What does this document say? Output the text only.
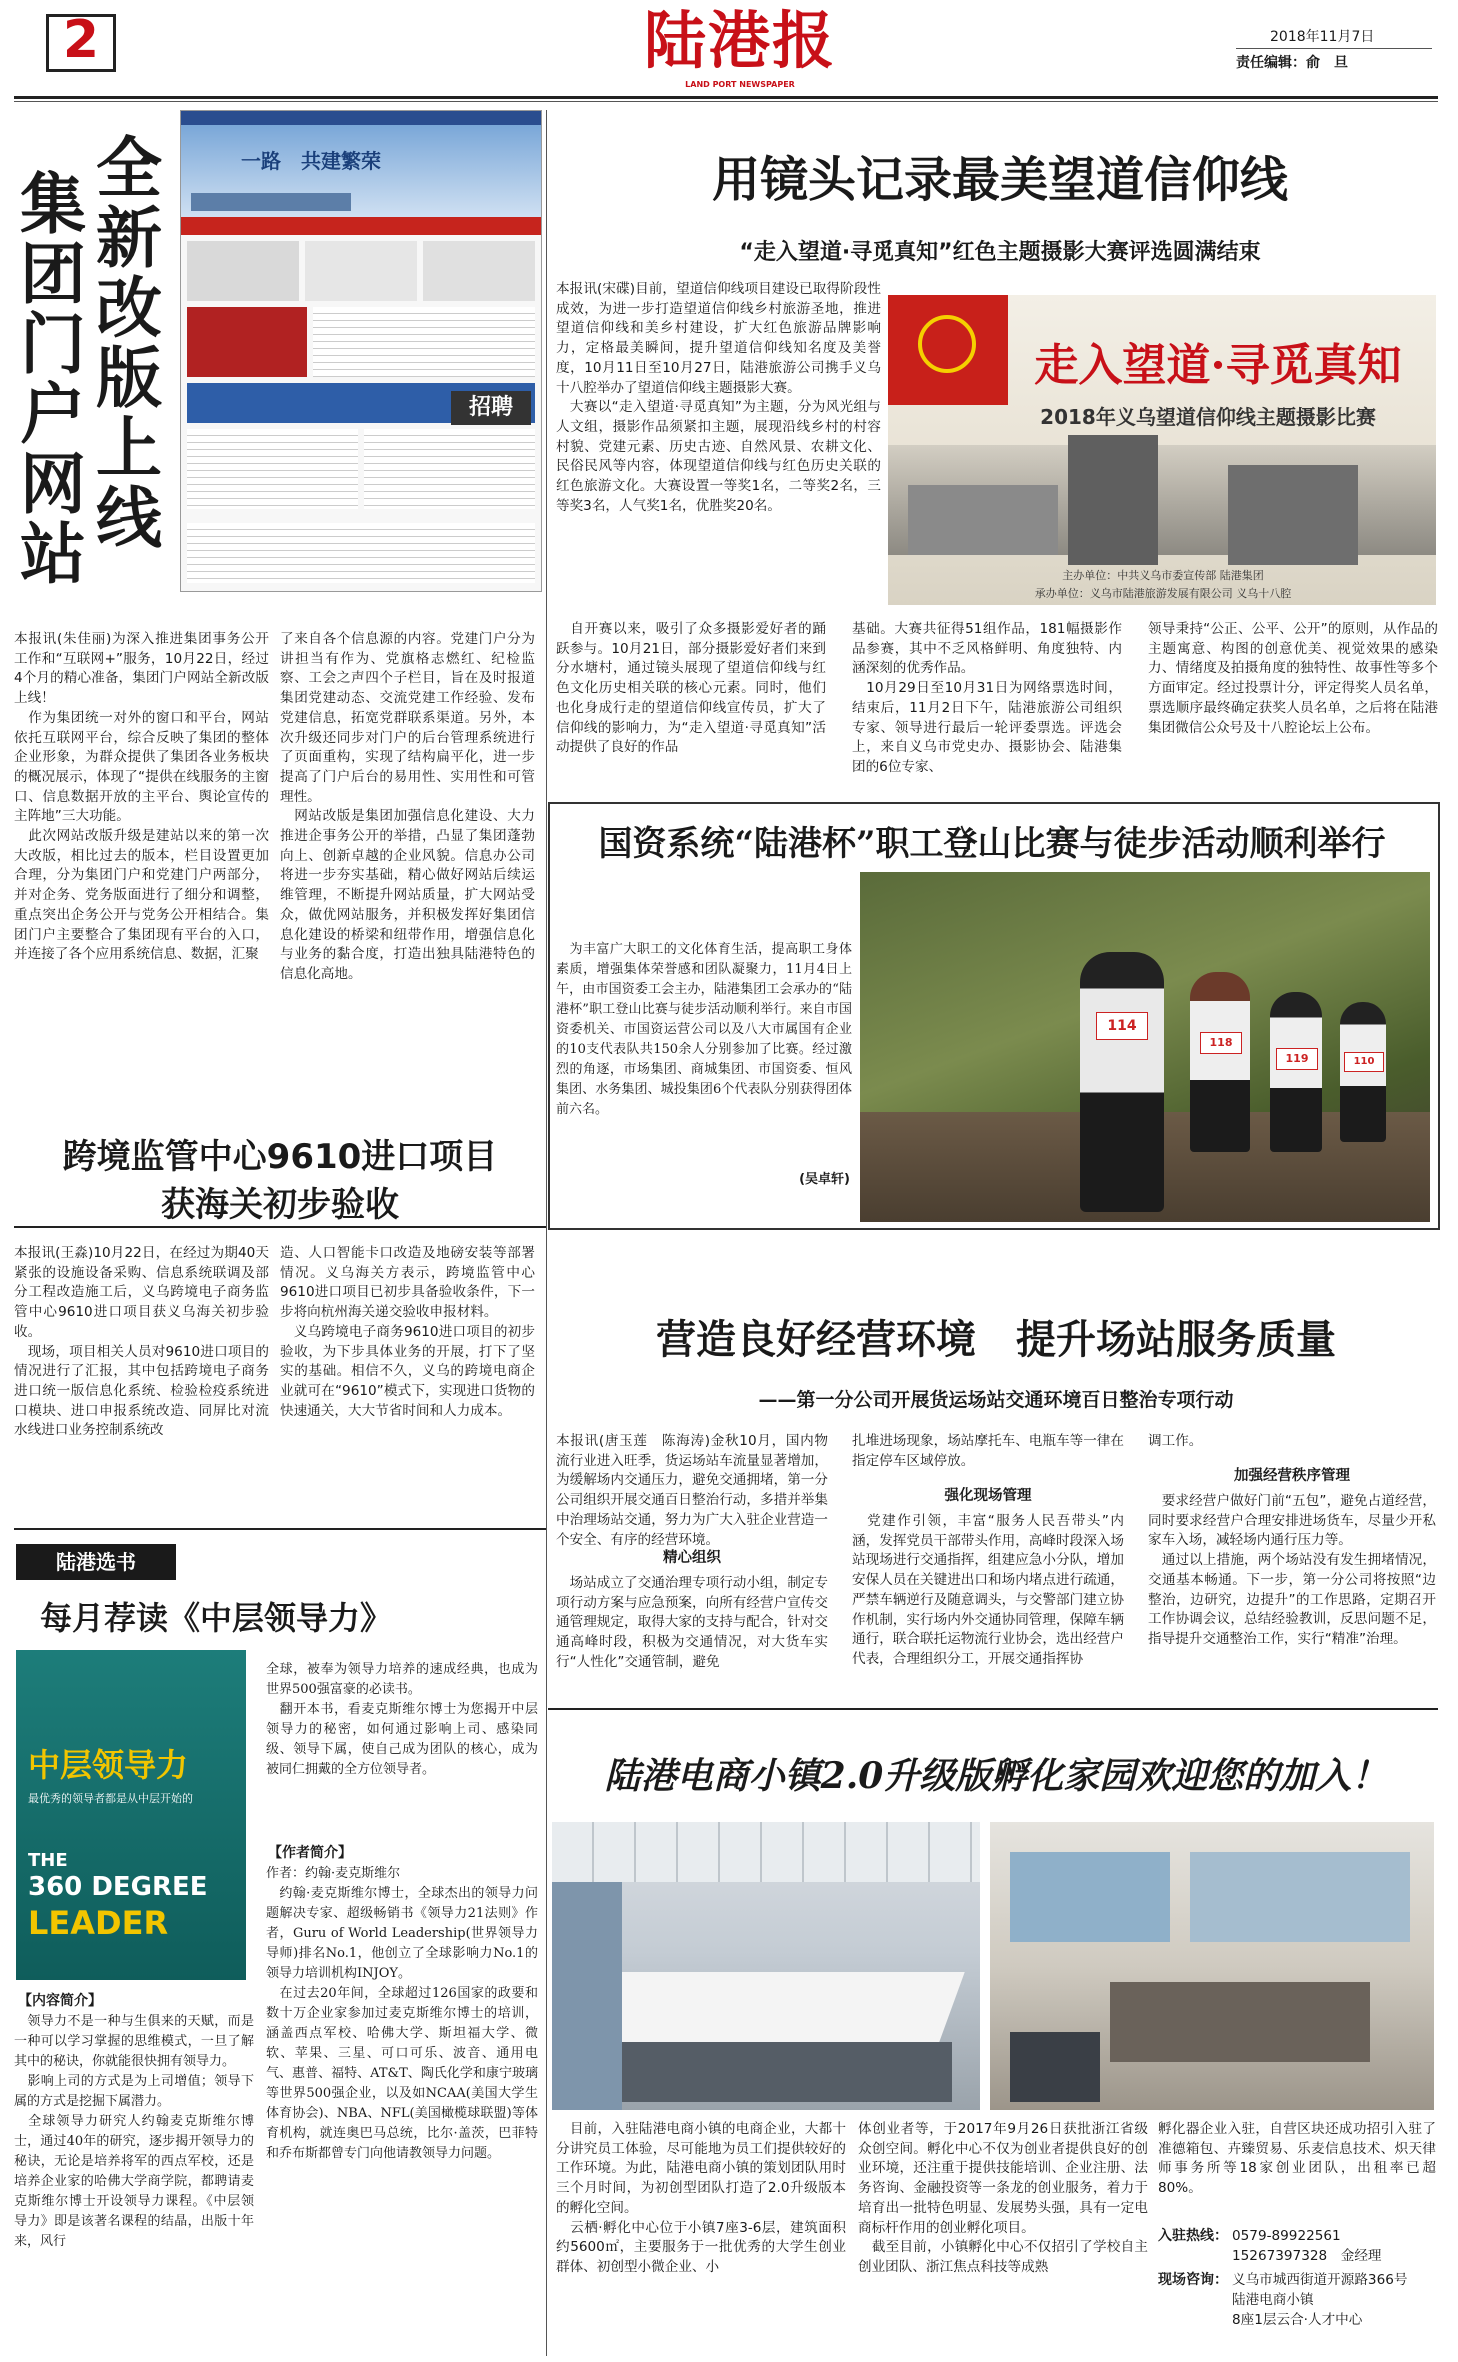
2	陆港报
LAND PORT NEWSPAPER
2018年11月7日
责任编辑：俞　旦
全新改版上线
集团门户网站
一路　共建繁荣
招聘
本报讯(朱佳丽)为深入推进集团事务公开工作和“互联网+”服务，10月22日，经过4个月的精心准备，集团门户网站全新改版上线！
　作为集团统一对外的窗口和平台，网站依托互联网平台，综合反映了集团的整体企业形象，为群众提供了集团各业务板块的概况展示，体现了“提供在线服务的主窗口、信息数据开放的主平台、舆论宣传的主阵地”三大功能。
　此次网站改版升级是建站以来的第一次大改版，相比过去的版本，栏目设置更加合理，分为集团门户和党建门户两部分，并对企务、党务版面进行了细分和调整，重点突出企务公开与党务公开相结合。集团门户主要整合了集团现有平台的入口，并连接了各个应用系统信息、数据，汇聚
了来自各个信息源的内容。党建门户分为讲担当有作为、党旗格志燃红、纪检监察、工会之声四个子栏目，旨在及时报道集团党建动态、交流党建工作经验、发布党建信息，拓宽党群联系渠道。另外，本次升级还同步对门户的后台管理系统进行了页面重构，实现了结构扁平化，进一步提高了门户后台的易用性、实用性和可管理性。
　网站改版是集团加强信息化建设、大力推进企事务公开的举措，凸显了集团蓬勃向上、创新卓越的企业风貌。信息办公司将进一步夯实基础，精心做好网站后续运维管理，不断提升网站质量，扩大网站受众，做优网站服务，并积极发挥好集团信息化建设的桥梁和纽带作用，增强信息化与业务的黏合度，打造出独具陆港特色的信息化高地。
用镜头记录最美望道信仰线
“走入望道·寻觅真知”红色主题摄影大赛评选圆满结束
本报讯(宋碟)目前，望道信仰线项目建设已取得阶段性成效，为进一步打造望道信仰线乡村旅游圣地，推进望道信仰线和美乡村建设，扩大红色旅游品牌影响力，定格最美瞬间，提升望道信仰线知名度及美誉度，10月11日至10月27日，陆港旅游公司携手义乌十八腔举办了望道信仰线主题摄影大赛。
　大赛以“走入望道·寻觅真知”为主题，分为风光组与人文组，摄影作品须紧扣主题，展现沿线乡村的村容村貌、党建元素、历史古迹、自然风景、农耕文化、民俗民风等内容，体现望道信仰线与红色历史关联的红色旅游文化。大赛设置一等奖1名，二等奖2名，三等奖3名，人气奖1名，优胜奖20名。
走入望道·寻觅真知
2018年义乌望道信仰线主题摄影比赛
主办单位：中共义乌市委宣传部 陆港集团
承办单位：义乌市陆港旅游发展有限公司 义乌十八腔
　自开赛以来，吸引了众多摄影爱好者的踊跃参与。10月21日，部分摄影爱好者们来到分水塘村，通过镜头展现了望道信仰线与红色文化历史相关联的核心元素。同时，他们也化身成行走的望道信仰线宣传员，扩大了信仰线的影响力，为“走入望道·寻觅真知”活动提供了良好的作品
基础。大赛共征得51组作品，181幅摄影作品参赛，其中不乏风格鲜明、角度独特、内涵深刻的优秀作品。
　10月29日至10月31日为网络票选时间，结束后，11月2日下午，陆港旅游公司组织专家、领导进行最后一轮评委票选。评选会上，来自义乌市党史办、摄影协会、陆港集团的6位专家、
领导秉持“公正、公平、公开”的原则，从作品的主题寓意、构图的创意优美、视觉效果的感染力、情绪度及拍摄角度的独特性、故事性等多个方面审定。经过投票计分，评定得奖人员名单，票选顺序最终确定获奖人员名单，之后将在陆港集团微信公众号及十八腔论坛上公布。
国资系统“陆港杯”职工登山比赛与徒步活动顺利举行
　为丰富广大职工的文化体育生活，提高职工身体素质，增强集体荣誉感和团队凝聚力，11月4日上午，由市国资委工会主办，陆港集团工会承办的“陆港杯”职工登山比赛与徒步活动顺利举行。来自市国资委机关、市国资运营公司以及八大市属国有企业的10支代表队共150余人分别参加了比赛。经过激烈的角逐，市场集团、商城集团、市国资委、恒风集团、水务集团、城投集团6个代表队分别获得团体前六名。
(吴卓轩)
114
118
119	110
跨境监管中心9610进口项目
获海关初步验收
本报讯(王淼)10月22日，在经过为期40天紧张的设施设备采购、信息系统联调及部分工程改造施工后，义乌跨境电子商务监管中心9610进口项目获义乌海关初步验收。
　现场，项目相关人员对9610进口项目的情况进行了汇报，其中包括跨境电子商务进口统一版信息化系统、检验检疫系统进口模块、进口申报系统改造、同屏比对流水线进口业务控制系统改
造、人口智能卡口改造及地磅安装等部署情况。义乌海关方表示，跨境监管中心9610进口项目已初步具备验收条件，下一步将向杭州海关递交验收申报材料。
　义乌跨境电子商务9610进口项目的初步验收，为下步具体业务的开展，打下了坚实的基础。相信不久，义乌的跨境电商企业就可在“9610”模式下，实现进口货物的快速通关，大大节省时间和人力成本。
陆港选书
每月荐读《中层领导力》
中层领导力
最优秀的领导者都是从中层开始的
THE
360 DEGREE
LEADER
【内容简介】
　领导力不是一种与生俱来的天赋，而是一种可以学习掌握的思维模式，一旦了解其中的秘诀，你就能很快拥有领导力。
　影响上司的方式是为上司增值；领导下属的方式是挖掘下属潜力。
　全球领导力研究人约翰麦克斯维尔博士，通过40年的研究，逐步揭开领导力的秘诀，无论是培养将军的西点军校，还是培养企业家的哈佛大学商学院，都聘请麦克斯维尔博士开设领导力课程。《中层领导力》即是该著名课程的结晶，出版十年来，风行
全球，被奉为领导力培养的速成经典，也成为世界500强富豪的必读书。
　翻开本书，看麦克斯维尔博士为您揭开中层领导力的秘密，如何通过影响上司、感染同级、领导下属，使自己成为团队的核心，成为被同仁拥戴的全方位领导者。
【作者简介】
作者：约翰·麦克斯维尔
　约翰·麦克斯维尔博士，全球杰出的领导力问题解决专家、超级畅销书《领导力21法则》作者，Guru of World Leadership(世界领导力导师)排名No.1，他创立了全球影响力No.1的领导力培训机构INJOY。
　在过去20年间，全球超过126国家的政要和数十万企业家参加过麦克斯维尔博士的培训，涵盖西点军校、哈佛大学、斯坦福大学、微软、苹果、三星、可口可乐、波音、通用电气、惠普、福特、AT&T、陶氏化学和康宁玻璃等世界500强企业，以及如NCAA(美国大学生体育协会)、NBA、NFL(美国橄榄球联盟)等体育机构，就连奥巴马总统，比尔·盖茨，巴菲特和乔布斯都曾专门向他请教领导力问题。
营造良好经营环境　提升场站服务质量
——第一分公司开展货运场站交通环境百日整治专项行动
本报讯(唐玉莲　陈海涛)金秋10月，国内物流行业进入旺季，货运场站车流量显著增加，为缓解场内交通压力，避免交通拥堵，第一分公司组织开展交通百日整治行动，多措并举集中治理场站交通，努力为广大入驻企业营造一个安全、有序的经营环境。
精心组织
　场站成立了交通治理专项行动小组，制定专项行动方案与应急预案，向所有经营户宣传交通管理规定，取得大家的支持与配合，针对交通高峰时段，积极为交通情况，对大货车实行“人性化”交通管制，避免
扎堆进场现象，场站摩托车、电瓶车等一律在指定停车区域停放。
强化现场管理
　党建作引领，丰富“服务人民吾带头”内涵，发挥党员干部带头作用，高峰时段深入场站现场进行交通指挥，组建应急小分队，增加安保人员在关键进出口和场内堵点进行疏通，严禁车辆逆行及随意调头，与交警部门建立协作机制，实行场内外交通协同管理，保障车辆通行，联合联托运物流行业协会，选出经营户代表，合理组织分工，开展交通指挥协
调工作。
加强经营秩序管理
　要求经营户做好门前“五包”，避免占道经营，同时要求经营户合理安排进场货车，尽量少开私家车入场，减轻场内通行压力等。
　通过以上措施，两个场站没有发生拥堵情况，交通基本畅通。下一步，第一分公司将按照“边整治，边研究，边提升”的工作思路，定期召开工作协调会议，总结经验教训，反思问题不足，指导提升交通整治工作，实行“精准”治理。
陆港电商小镇2.0升级版孵化家园欢迎您的加入！
　目前，入驻陆港电商小镇的电商企业，大都十分讲究员工体验，尽可能地为员工们提供较好的工作环境。为此，陆港电商小镇的策划团队用时三个月时间，为初创型团队打造了2.0升级版本的孵化空间。
　云栖·孵化中心位于小镇7座3-6层，建筑面积约5600㎡，主要服务于一批优秀的大学生创业群体、初创型小微企业、小
体创业者等，于2017年9月26日获批浙江省级众创空间。孵化中心不仅为创业者提供良好的创业环境，还注重于提供技能培训、企业注册、法务咨询、金融投资等一条龙的创业服务，着力于培育出一批特色明显、发展势头强，具有一定电商标杆作用的创业孵化项目。
　截至目前，小镇孵化中心不仅招引了学校自主创业团队、浙江焦点科技等成熟
孵化器企业入驻，自营区块还成功招引入驻了准德箱包、卉臻贸易、乐麦信息技术、炽天律师事务所等18家创业团队，出租率已超80%。
入驻热线： 0579-89922561
15267397328　金经理
现场咨询： 义乌市城西街道开源路366号
陆港电商小镇
8座1层云合·人才中心
